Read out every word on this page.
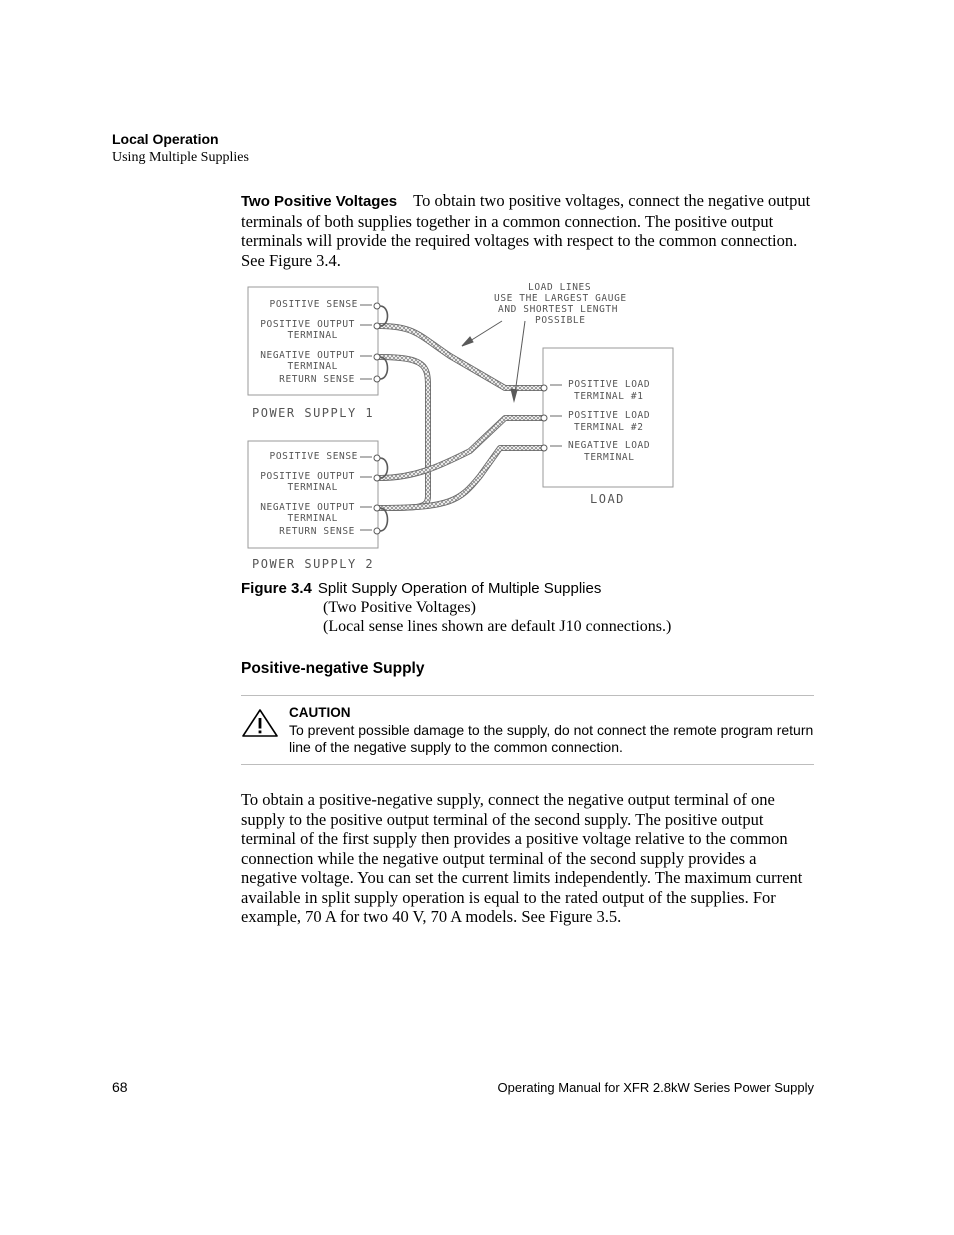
Local Operation
Using Multiple Supplies
Two Positive Voltages To obtain two positive voltages, connect the negative output terminals of both supplies together in a common connection. The positive output terminals will provide the required voltages with respect to the common connection. See Figure 3.4.
POSITIVE SENSE
POSITIVE OUTPUT
TERMINAL
NEGATIVE OUTPUT
TERMINAL
RETURN SENSE
POWER SUPPLY 1
POSITIVE SENSE
POSITIVE OUTPUT
TERMINAL
NEGATIVE OUTPUT
TERMINAL
RETURN SENSE
POWER SUPPLY 2
POSITIVE LOAD
TERMINAL #1
POSITIVE LOAD
TERMINAL #2
NEGATIVE LOAD
TERMINAL
LOAD
LOAD LINES
USE THE LARGEST GAUGE
AND SHORTEST LENGTH
POSSIBLE
Figure 3.4 Split Supply Operation of Multiple Supplies
(Two Positive Voltages)
(Local sense lines shown are default J10 connections.)
Positive-negative Supply
CAUTION
To prevent possible damage to the supply, do not connect the remote program return line of the negative supply to the common connection.
To obtain a positive-negative supply, connect the negative output terminal of one supply to the positive output terminal of the second supply. The positive output terminal of the first supply then provides a positive voltage relative to the common connection while the negative output terminal of the second supply provides a negative voltage. You can set the current limits independently. The maximum current available in split supply operation is equal to the rated output of the supplies. For example, 70 A for two 40 V, 70 A models. See Figure 3.5.
68	Operating Manual for XFR 2.8kW Series Power Supply
